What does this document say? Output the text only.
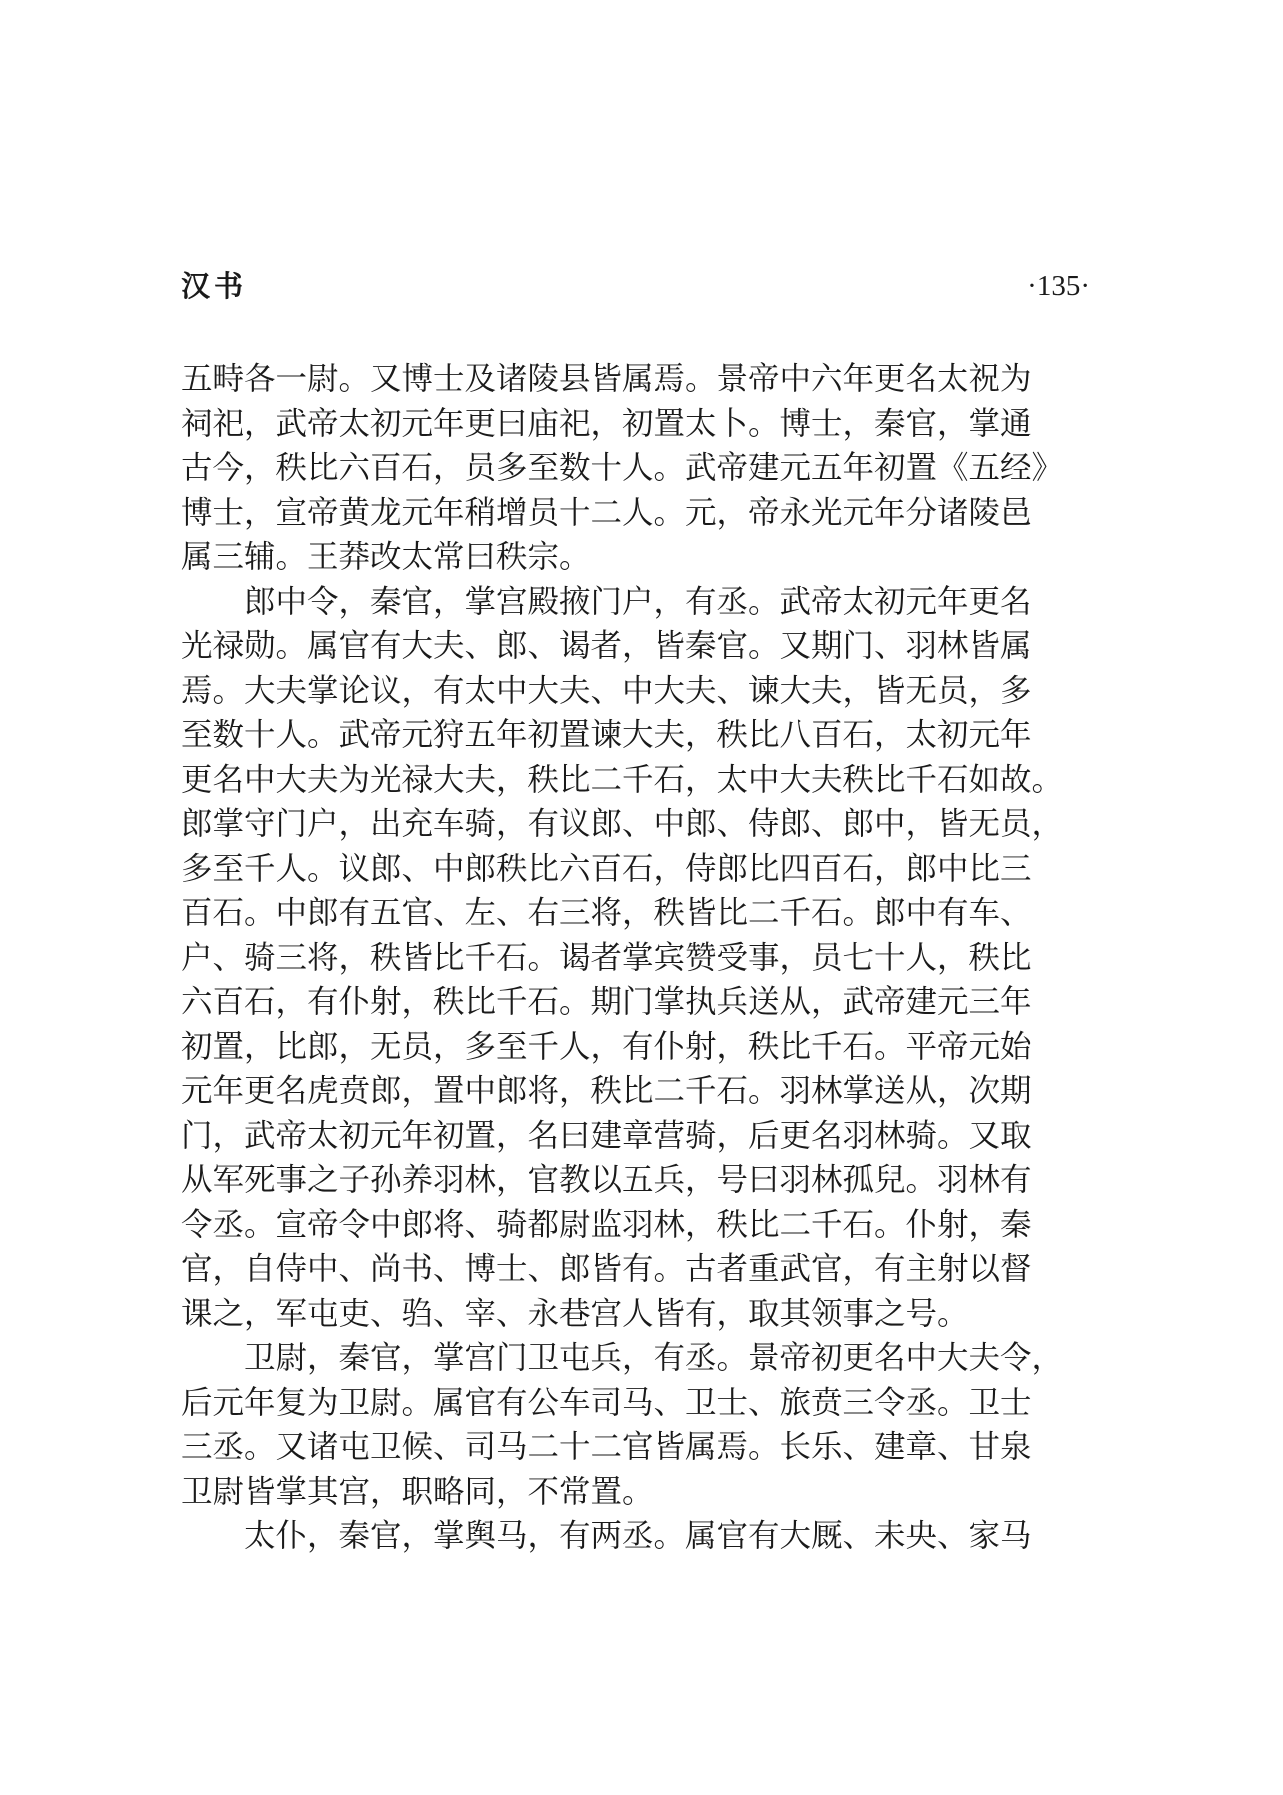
汉书	·135·
五畤各一尉。又博士及诸陵县皆属焉。景帝中六年更名太祝为
祠祀，武帝太初元年更曰庙祀，初置太卜。博士，秦官，掌通
古今，秩比六百石，员多至数十人。武帝建元五年初置《五经》
博士，宣帝黄龙元年稍增员十二人。元，帝永光元年分诸陵邑
属三辅。王莽改太常曰秩宗。
郎中令，秦官，掌宫殿掖门户，有丞。武帝太初元年更名
光禄勋。属官有大夫、郎、谒者，皆秦官。又期门、羽林皆属
焉。大夫掌论议，有太中大夫、中大夫、谏大夫，皆无员，多
至数十人。武帝元狩五年初置谏大夫，秩比八百石，太初元年
更名中大夫为光禄大夫，秩比二千石，太中大夫秩比千石如故。
郎掌守门户，出充车骑，有议郎、中郎、侍郎、郎中，皆无员，
多至千人。议郎、中郎秩比六百石，侍郎比四百石，郎中比三
百石。中郎有五官、左、右三将，秩皆比二千石。郎中有车、
户、骑三将，秩皆比千石。谒者掌宾赞受事，员七十人，秩比
六百石，有仆射，秩比千石。期门掌执兵送从，武帝建元三年
初置，比郎，无员，多至千人，有仆射，秩比千石。平帝元始
元年更名虎贲郎，置中郎将，秩比二千石。羽林掌送从，次期
门，武帝太初元年初置，名曰建章营骑，后更名羽林骑。又取
从军死事之子孙养羽林，官教以五兵，号曰羽林孤兒。羽林有
令丞。宣帝令中郎将、骑都尉监羽林，秩比二千石。仆射，秦
官，自侍中、尚书、博士、郎皆有。古者重武官，有主射以督
课之，军屯吏、驺、宰、永巷宫人皆有，取其领事之号。
卫尉，秦官，掌宫门卫屯兵，有丞。景帝初更名中大夫令，
后元年复为卫尉。属官有公车司马、卫士、旅贲三令丞。卫士
三丞。又诸屯卫候、司马二十二官皆属焉。长乐、建章、甘泉
卫尉皆掌其宫，职略同，不常置。
太仆，秦官，掌舆马，有两丞。属官有大厩、未央、家马
